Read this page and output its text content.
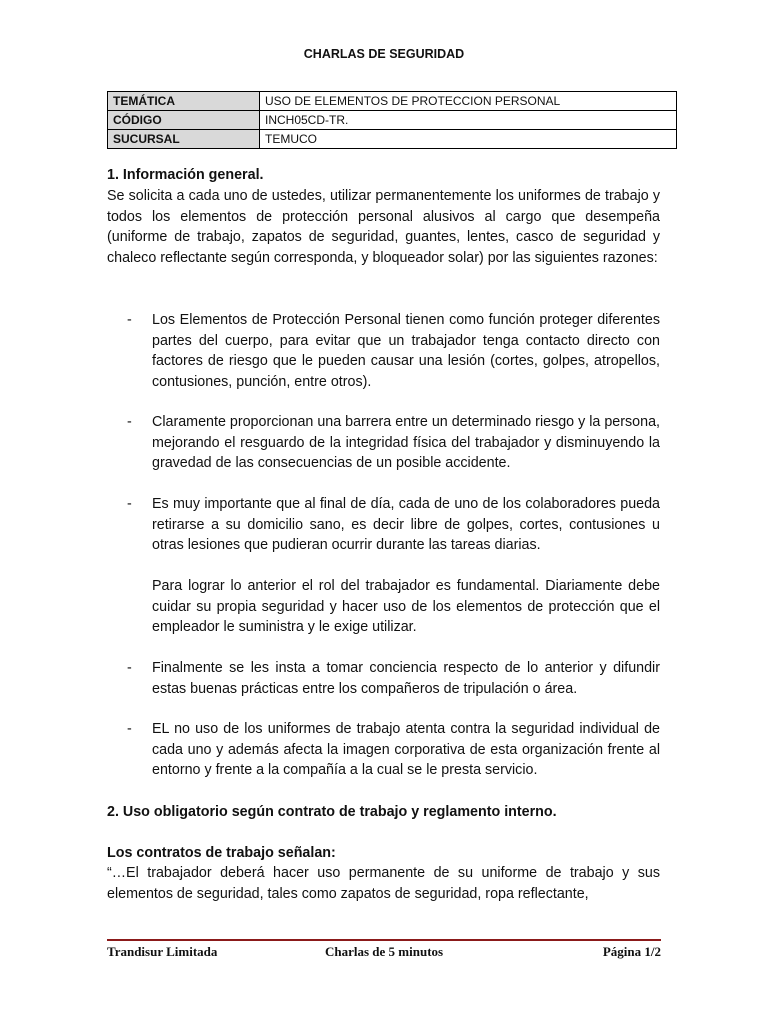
CHARLAS DE SEGURIDAD
TEMÁTICA	USO DE ELEMENTOS DE PROTECCION PERSONAL
CÓDIGO	INCH05CD-TR.
SUCURSAL	TEMUCO
1. Información general.
Se solicita a cada uno de ustedes, utilizar permanentemente los uniformes de trabajo y todos los elementos de protección personal alusivos al cargo que desempeña (uniforme de trabajo, zapatos de seguridad, guantes, lentes, casco de seguridad y chaleco reflectante según corresponda, y bloqueador solar) por las siguientes razones:
- Los Elementos de Protección Personal tienen como función proteger diferentes partes del cuerpo, para evitar que un trabajador tenga contacto directo con factores de riesgo que le pueden causar una lesión (cortes, golpes, atropellos, contusiones, punción, entre otros).
- Claramente proporcionan una barrera entre un determinado riesgo y la persona, mejorando el resguardo de la integridad física del trabajador y disminuyendo la gravedad de las consecuencias de un posible accidente.
- Es muy importante que al final de día, cada de uno de los colaboradores pueda retirarse a su domicilio sano, es decir libre de golpes, cortes, contusiones u otras lesiones que pudieran ocurrir durante las tareas diarias.
Para lograr lo anterior el rol del trabajador es fundamental. Diariamente debe cuidar su propia seguridad y hacer uso de los elementos de protección que el empleador le suministra y le exige utilizar.
- Finalmente se les insta a tomar conciencia respecto de lo anterior y difundir estas buenas prácticas entre los compañeros de tripulación o área.
- EL no uso de los uniformes de trabajo atenta contra la seguridad individual de cada uno y además afecta la imagen corporativa de esta organización frente al entorno y frente a la compañía a la cual se le presta servicio.
2. Uso obligatorio según contrato de trabajo y reglamento interno.
Los contratos de trabajo señalan:
“…El trabajador deberá hacer uso permanente de su uniforme de trabajo y sus elementos de seguridad, tales como zapatos de seguridad, ropa reflectante,
Trandisur Limitada	Charlas de 5 minutos	Página 1/2
